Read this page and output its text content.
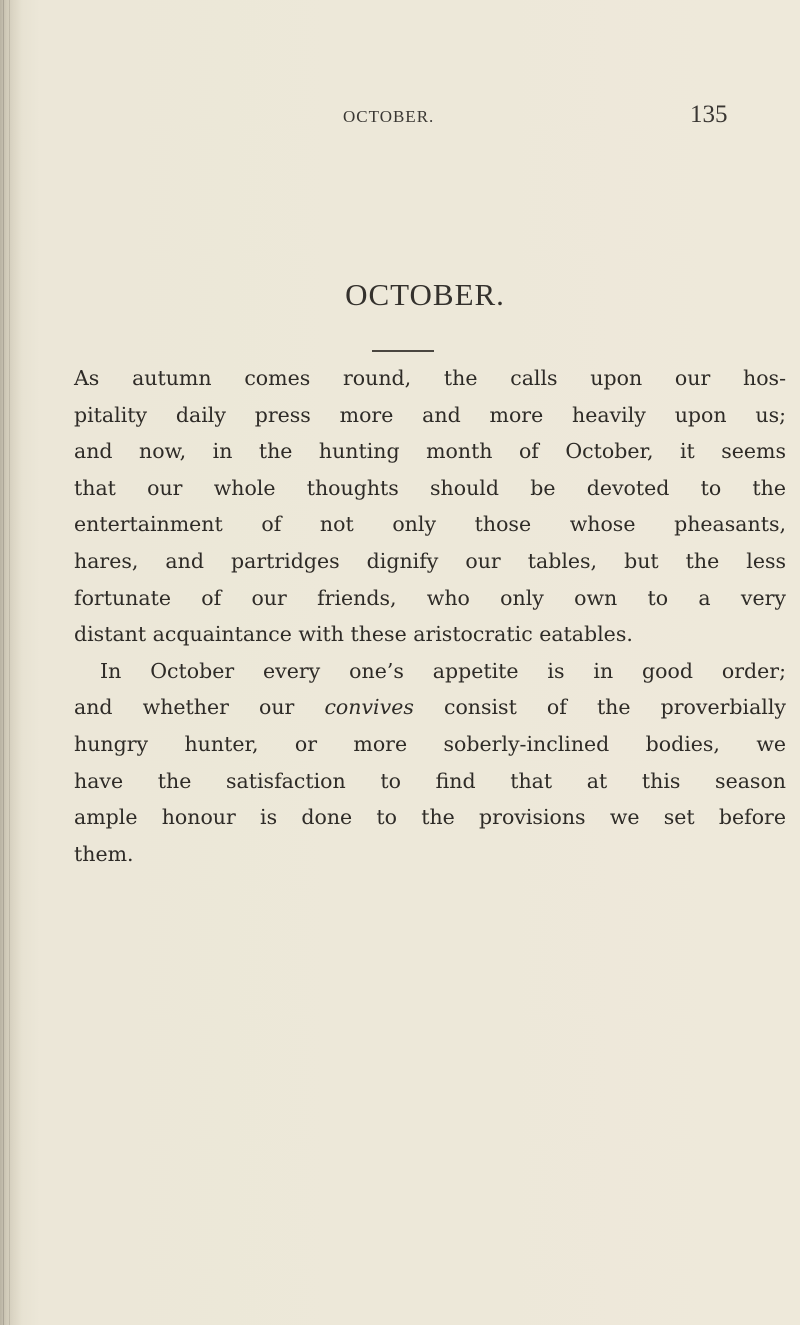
OCTOBER.	135
OCTOBER.

As autumn comes round, the calls upon our hos-
pitality daily press more and more heavily upon us;
and now, in the hunting month of October, it seems
that our whole thoughts should be devoted to the
entertainment of not only those whose pheasants,
hares, and partridges dignify our tables, but the less
fortunate of our friends, who only own to a very
distant acquaintance with these aristocratic eatables.

In October every one’s appetite is in good order;
and whether our convives consist of the proverbially
hungry hunter, or more soberly-inclined bodies, we
have the satisfaction to find that at this season
ample honour is done to the provisions we set before
them.
